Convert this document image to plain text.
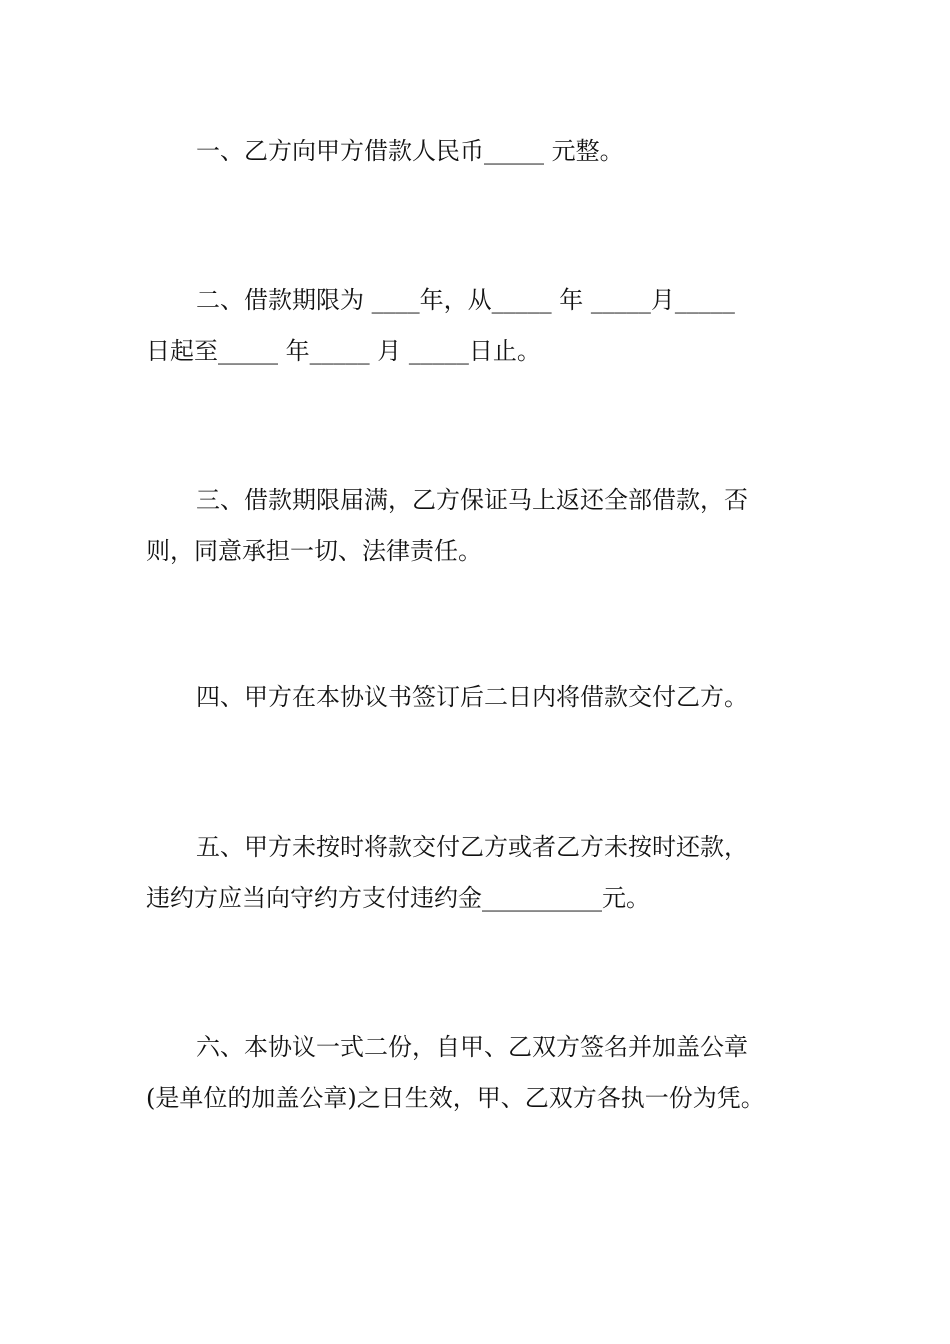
一、乙方向甲方借款人民币_____ 元整。
二、借款期限为 ____年，从_____ 年 _____月_____
日起至_____ 年_____ 月 _____日止。
三、借款期限届满，乙方保证马上返还全部借款，否
则，同意承担一切、法律责任。
四、甲方在本协议书签订后二日内将借款交付乙方。
五、甲方未按时将款交付乙方或者乙方未按时还款，
违约方应当向守约方支付违约金__________元。
六、本协议一式二份，自甲、乙双方签名并加盖公章
(是单位的加盖公章)之日生效，甲、乙双方各执一份为凭。
